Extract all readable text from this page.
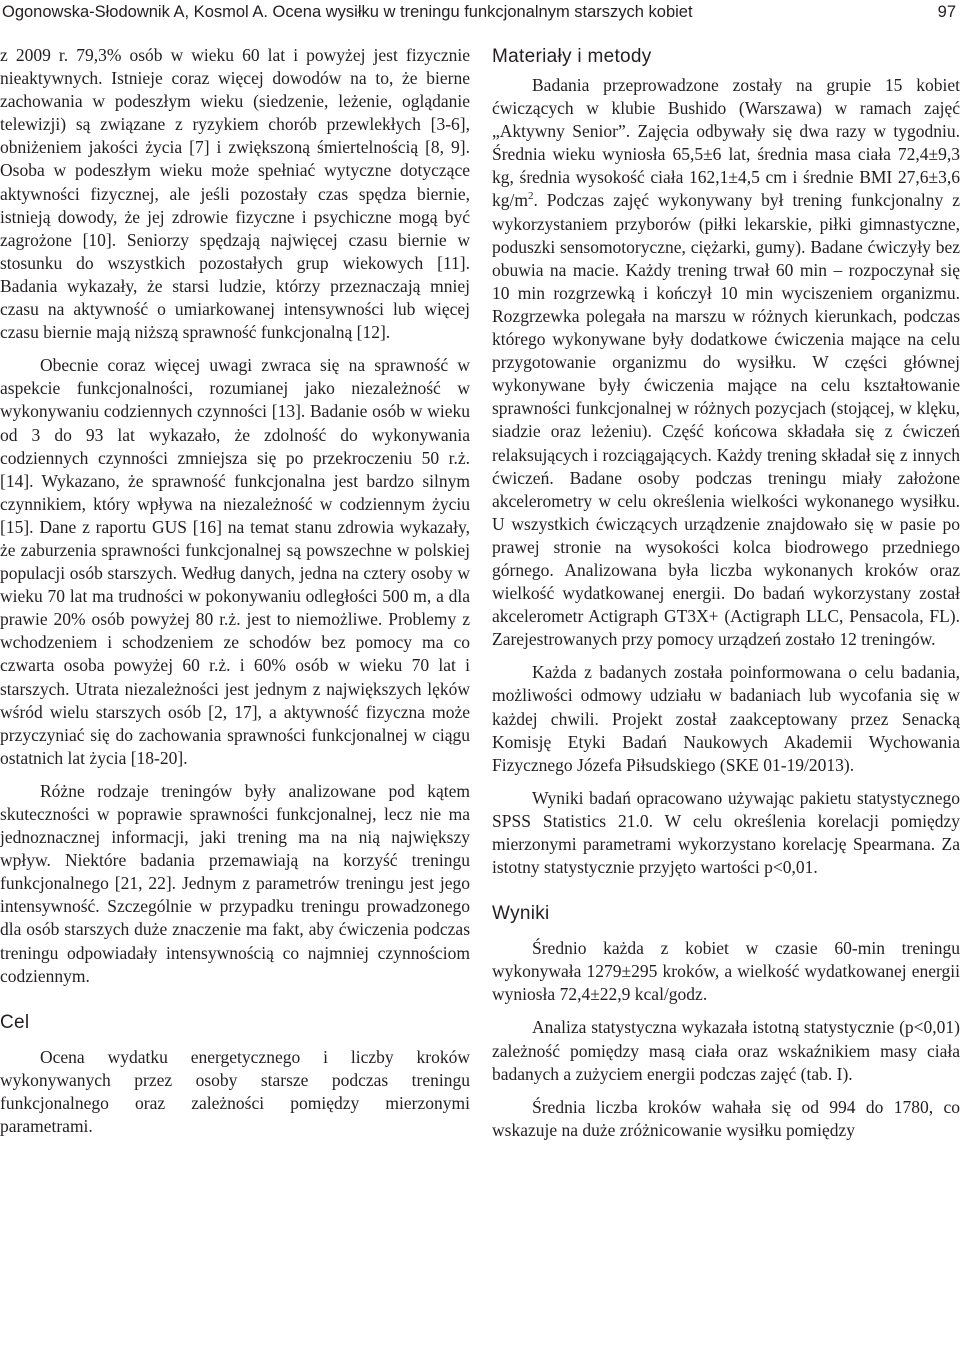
Ogonowska-Słodownik A, Kosmol A. Ocena wysiłku w treningu funkcjonalnym starszych kobiet	97

z 2009 r. 79,3% osób w wieku 60 lat i powyżej jest fizycznie nieaktywnych. Istnieje coraz więcej dowodów na to, że bierne zachowania w podeszłym wieku (siedzenie, leżenie, oglądanie telewizji) są związane z ryzykiem chorób przewlekłych [3-6], obniżeniem jakości życia [7] i zwiększoną śmiertelnością [8, 9]. Osoba w podeszłym wieku może spełniać wytyczne dotyczące aktywności fizycznej, ale jeśli pozostały czas spędza biernie, istnieją dowody, że jej zdrowie fizyczne i psychiczne mogą być zagrożone [10]. Seniorzy spędzają najwięcej czasu biernie w stosunku do wszystkich pozostałych grup wiekowych [11]. Badania wykazały, że starsi ludzie, którzy przeznaczają mniej czasu na aktywność o umiarkowanej intensywności lub więcej czasu biernie mają niższą sprawność funkcjonalną [12].

Obecnie coraz więcej uwagi zwraca się na sprawność w aspekcie funkcjonalności, rozumianej jako niezależność w wykonywaniu codziennych czynności [13]. Badanie osób w wieku od 3 do 93 lat wykazało, że zdolność do wykonywania codziennych czynności zmniejsza się po przekroczeniu 50 r.ż. [14]. Wykazano, że sprawność funkcjonalna jest bardzo silnym czynnikiem, który wpływa na niezależność w codziennym życiu [15]. Dane z raportu GUS [16] na temat stanu zdrowia wykazały, że zaburzenia sprawności funkcjonalnej są powszechne w polskiej populacji osób starszych. Według danych, jedna na cztery osoby w wieku 70 lat ma trudności w pokonywaniu odległości 500 m, a dla prawie 20% osób powyżej 80 r.ż. jest to niemożliwe. Problemy z wchodzeniem i schodzeniem ze schodów bez pomocy ma co czwarta osoba powyżej 60 r.ż. i 60% osób w wieku 70 lat i starszych. Utrata niezależności jest jednym z największych lęków wśród wielu starszych osób [2, 17], a aktywność fizyczna może przyczyniać się do zachowania sprawności funkcjonalnej w ciągu ostatnich lat życia [18-20].

Różne rodzaje treningów były analizowane pod kątem skuteczności w poprawie sprawności funkcjonalnej, lecz nie ma jednoznacznej informacji, jaki trening ma na nią największy wpływ. Niektóre badania przemawiają na korzyść treningu funkcjonalnego [21, 22]. Jednym z parametrów treningu jest jego intensywność. Szczególnie w przypadku treningu prowadzonego dla osób starszych duże znaczenie ma fakt, aby ćwiczenia podczas treningu odpowiadały intensywnością co najmniej czynnościom codziennym.

Cel

Ocena wydatku energetycznego i liczby kroków wykonywanych przez osoby starsze podczas treningu funkcjonalnego oraz zależności pomiędzy mierzonymi parametrami.

Materiały i metody

Badania przeprowadzone zostały na grupie 15 kobiet ćwiczących w klubie Bushido (Warszawa) w ramach zajęć „Aktywny Senior”. Zajęcia odbywały się dwa razy w tygodniu. Średnia wieku wyniosła 65,5±6 lat, średnia masa ciała 72,4±9,3 kg, średnia wysokość ciała 162,1±4,5 cm i średnie BMI 27,6±3,6 $kg/m^2$. Podczas zajęć wykonywany był trening funkcjonalny z wykorzystaniem przyborów (piłki lekarskie, piłki gimnastyczne, poduszki sensomotoryczne, ciężarki, gumy). Badane ćwiczyły bez obuwia na macie. Każdy trening trwał 60 min – rozpoczynał się 10 min rozgrzewką i kończył 10 min wyciszeniem organizmu. Rozgrzewka polegała na marszu w różnych kierunkach, podczas którego wykonywane były dodatkowe ćwiczenia mające na celu przygotowanie organizmu do wysiłku. W części głównej wykonywane były ćwiczenia mające na celu kształtowanie sprawności funkcjonalnej w różnych pozycjach (stojącej, w klęku, siadzie oraz leżeniu). Część końcowa składała się z ćwiczeń relaksujących i rozciągających. Każdy trening składał się z innych ćwiczeń. Badane osoby podczas treningu miały założone akcelerometry w celu określenia wielkości wykonanego wysiłku. U wszystkich ćwiczących urządzenie znajdowało się w pasie po prawej stronie na wysokości kolca biodrowego przedniego górnego. Analizowana była liczba wykonanych kroków oraz wielkość wydatkowanej energii. Do badań wykorzystany został akcelerometr Actigraph GT3X+ (Actigraph LLC, Pensacola, FL). Zarejestrowanych przy pomocy urządzeń zostało 12 treningów.

Każda z badanych została poinformowana o celu badania, możliwości odmowy udziału w badaniach lub wycofania się w każdej chwili. Projekt został zaakceptowany przez Senacką Komisję Etyki Badań Naukowych Akademii Wychowania Fizycznego Józefa Piłsudskiego (SKE 01-19/2013).

Wyniki badań opracowano używając pakietu statystycznego SPSS Statistics 21.0. W celu określenia korelacji pomiędzy mierzonymi parametrami wykorzystano korelację Spearmana. Za istotny statystycznie przyjęto wartości p<0,01.

Wyniki

Średnio każda z kobiet w czasie 60-min treningu wykonywała 1279±295 kroków, a wielkość wydatkowanej energii wyniosła 72,4±22,9 kcal/godz.

Analiza statystyczna wykazała istotną statystycznie (p<0,01) zależność pomiędzy masą ciała oraz wskaźnikiem masy ciała badanych a zużyciem energii podczas zajęć (tab. I).

Średnia liczba kroków wahała się od 994 do 1780, co wskazuje na duże zróżnicowanie wysiłku pomiędzy
